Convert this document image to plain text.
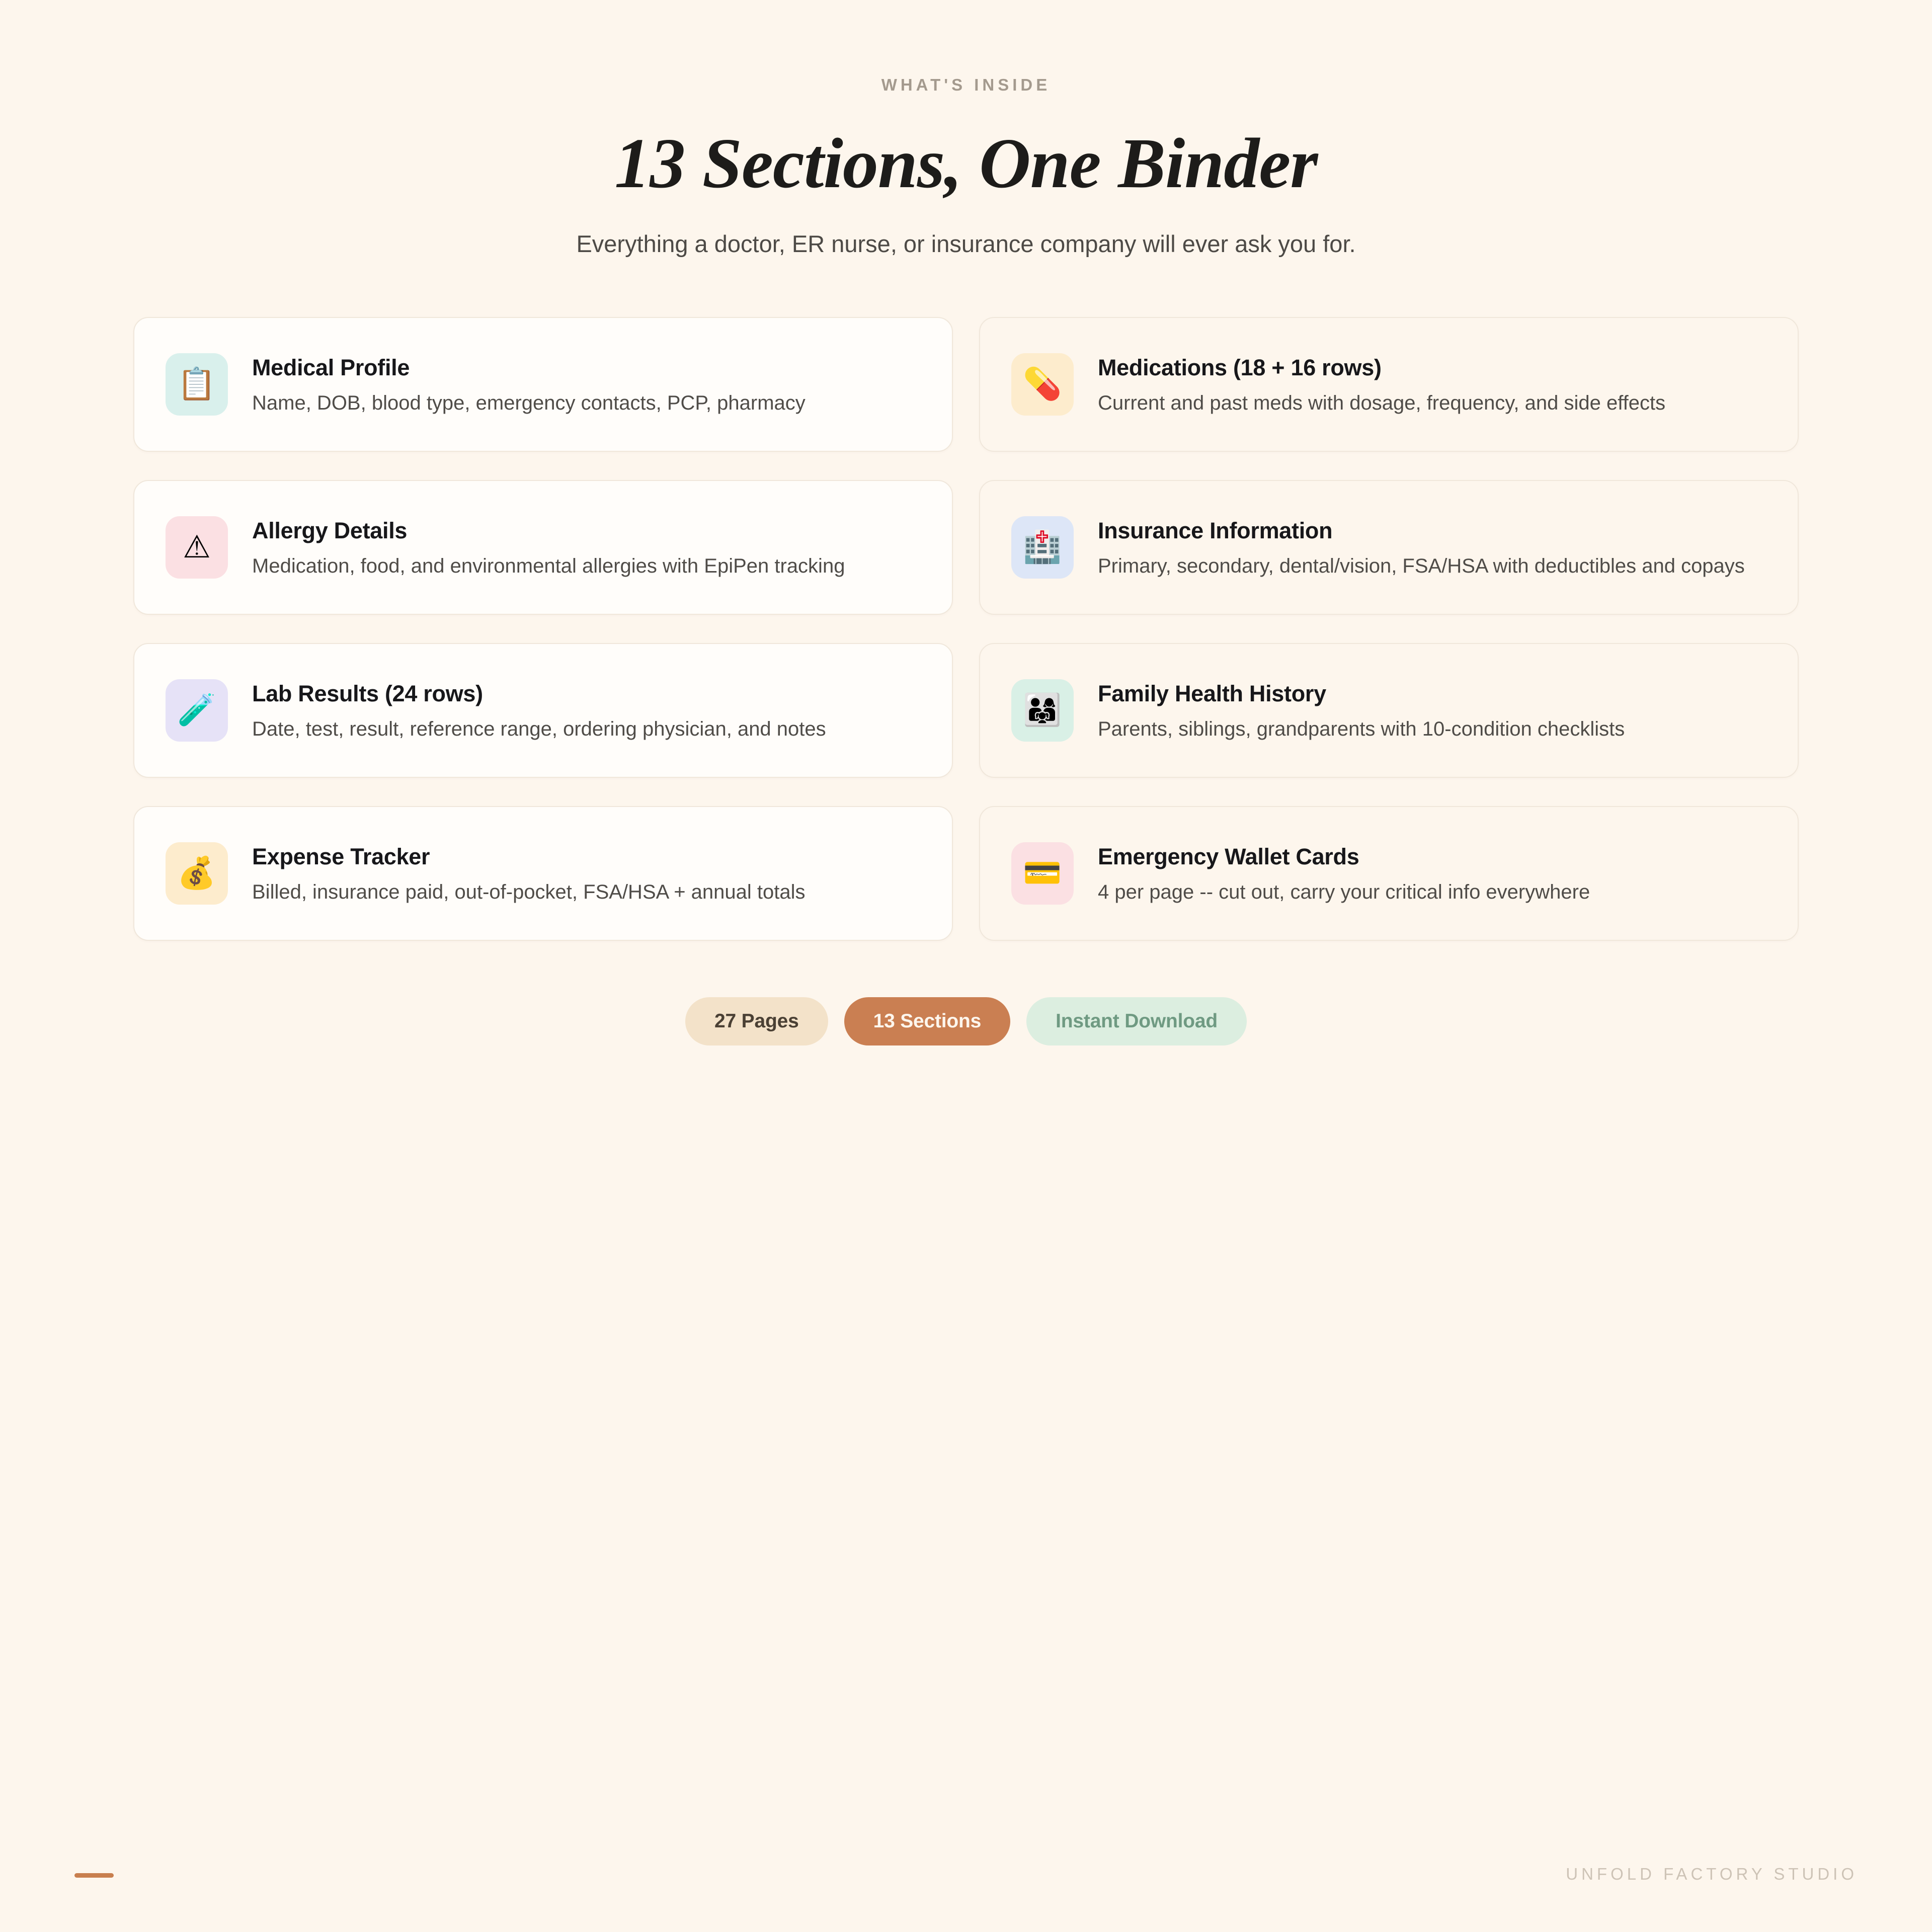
WHAT'S INSIDE
13 Sections, One Binder

Everything a doctor, ER nurse, or insurance company will ever ask you for.

📋	Medical Profile
Name, DOB, blood type, emergency contacts, PCP, pharmacy
💊	Medications (18 + 16 rows)
Current and past meds with dosage, frequency, and side effects
⚠	Allergy Details
Medication, food, and environmental allergies with EpiPen tracking
🏥	Insurance Information
Primary, secondary, dental/vision, FSA/HSA with deductibles and copays
🧪	Lab Results (24 rows)
Date, test, result, reference range, ordering physician, and notes
👨‍👩‍👧	Family Health History
Parents, siblings, grandparents with 10-condition checklists
💰	Expense Tracker
Billed, insurance paid, out-of-pocket, FSA/HSA + annual totals
💳	Emergency Wallet Cards
4 per page -- cut out, carry your critical info everywhere
27 Pages	13 Sections	Instant Download
UNFOLD FACTORY STUDIO
